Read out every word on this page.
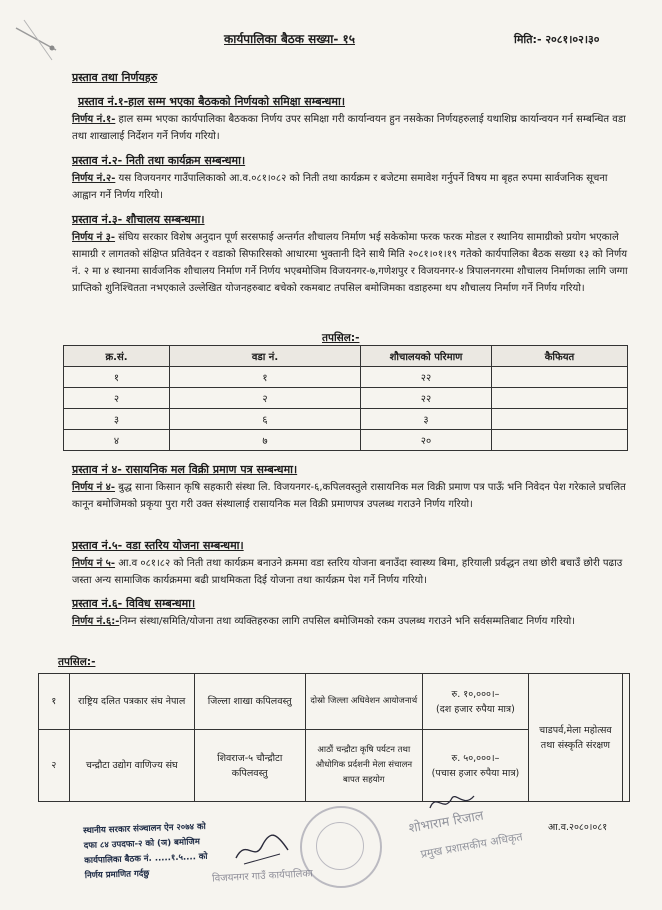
कार्यपालिका बैठक सख्या- १५	मिति:- २०८१।०२।३०
प्रस्ताव तथा निर्णयहरु
प्रस्ताव नं.१-हाल सम्म भएका बैठकको निर्णयको समिक्षा सम्बन्धमा।
निर्णय नं.१- हाल सम्म भएका कार्यपालिका बैठकका निर्णय उपर समिक्षा गरी कार्यान्वयन हुन नसकेका निर्णयहरुलाई यथाशिघ्र कार्यान्वयन गर्न सम्बन्धित वडा तथा शाखालाई निर्देशन गर्ने निर्णय गरियो।
प्रस्ताव नं.२- निती तथा कार्यक्रम सम्बन्धमा।
निर्णय नं.२- यस विजयनगर गाउँपालिकाको आ.व.०८१।०८२ को निती तथा कार्यक्रम र बजेटमा समावेश गर्नुपर्ने विषय मा बृहत रुपमा सार्वजनिक सूचना आह्वान गर्ने निर्णय गरियो।
प्रस्ताव नं.३- शौचालय सम्बन्धमा।
निर्णय नं ३- संघिय सरकार विशेष अनुदान पूर्ण सरसफाई अन्तर्गत शौचालय निर्माण भई सकेकोमा फरक फरक मोडल र स्थानिय सामाग्रीको प्रयोग भएकाले सामाग्री र लागतको संक्षिप्त प्रतिवेदन र वडाको सिफारिसको आधारमा भुक्तानी दिने साथै मिति २०८१।०१।१९ गतेको कार्यपालिका बैठक सख्या १३ को निर्णय नं. २ मा ४ स्थानमा सार्वजनिक शौचालय निर्माण गर्ने निर्णय भएबमोजिम विजयनगर-७,गणेशपुर र विजयनगर-४ त्रिपालनगरमा शौचालय निर्माणका लागि जग्गा प्राप्तिको शुनिश्चितता नभएकाले उल्लेखित योजनहरुबाट बचेको रकमबाट तपसिल बमोजिमका वडाहरुमा थप शौचालय निर्माण गर्ने निर्णय गरियो।
तपसिल:-
क्र.सं.	वडा नं.	शौचालयको परिमाण	कैफियत
१	१	२२	
२	२	२२	
३	६	३	
४	७	२०	
प्रस्ताव नं ४- रासायनिक मल विक्री प्रमाण पत्र सम्बन्धमा।
निर्णय नं ४- बुद्ध साना किसान कृषि सहकारी संस्था लि. विजयनगर-६,कपिलवस्तुले रासायनिक मल विक्री प्रमाण पत्र पाऊँ भनि निवेदन पेश गरेकाले प्रचलित कानून बमोजिमको प्रकृया पुरा गरी उक्त संस्थालाई रासायनिक मल विक्री प्रमाणपत्र उपलब्ध गराउने निर्णय गरियो।
प्रस्ताव नं.५- वडा स्तरिय योजना सम्बन्धमा।
निर्णय नं ५- आ.व ०८१।८२ को निती तथा कार्यक्रम बनाउने क्रममा वडा स्तरिय योजना बनाउँदा स्वास्थ्य बिमा, हरियाली प्रर्वद्धन तथा छोरी बचाउँ छोरी पढाउ जस्ता अन्य सामाजिक कार्यक्रममा बढी प्राथमिकता दिई योजना तथा कार्यक्रम पेश गर्ने निर्णय गरियो।
प्रस्ताव नं.६- विविध सम्बन्धमा।
निर्णय नं.६:-निम्न संस्था/समिति/योजना तथा व्यक्तिहरुका लागि तपसिल बमोजिमको रकम उपलब्ध गराउने भनि सर्वसम्मतिबाट निर्णय गरियो।
तपसिल:-
१	राष्ट्रिय दलित पत्रकार संघ नेपाल	जिल्ला शाखा कपिलवस्तु	दोस्रो जिल्ला अधिवेशन आयोजनार्थ	रु. १०,०००।–
(दश हजार रुपैया मात्र)	चाडपर्व,मेला महोत्सव तथा संस्कृति संरक्षण	
२	चन्द्रौटा उद्योग वाणिज्य संघ	शिवराज-५ चौन्द्रौटा कपिलवस्तु	आठौं चन्द्रौटा कृषि पर्यटन तथा औधोगिक प्रर्दशनी मेला संचालन बापत सहयोग	रु. ५०,०००।–
(पचास हजार रुपैया मात्र)		
स्थानीय सरकार संञ्चालन ऐन २०७४ को
दफा ८४ उपदफा-२ को (ञ) बमोजिम
कार्यपालिका बैठक नं. .....१.५.... को
निर्णय प्रमाणित गर्दछु	विजयनगर गाउँ कार्यपालिका
शोभाराम रिजाल
प्रमुख प्रशासकीय अधिकृत
आ.व.२०८०।०८१
